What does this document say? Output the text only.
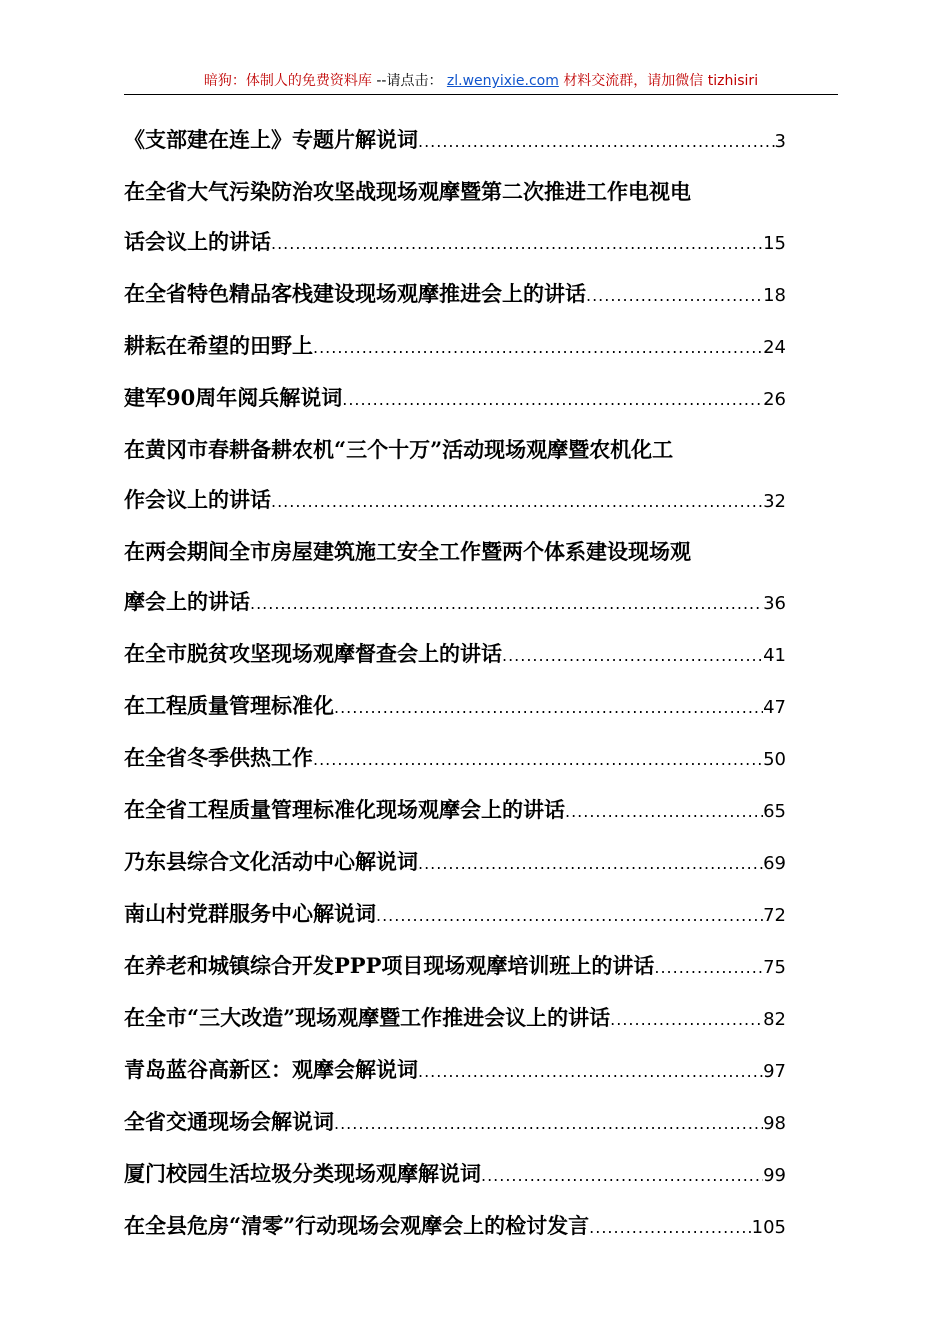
暗狗：体制人的免费资料库 --请点击： zl.wenyixie.com 材料交流群，请加微信 tizhisiri
《支部建在连上》专题片解说词 .....	3
在全省大气污染防治攻坚战现场观摩暨第二次推进工作电视电
话会议上的讲话 .....	15
在全省特色精品客栈建设现场观摩推进会上的讲话 .....	18
耕耘在希望的田野上 .....	24
建军90周年阅兵解说词 .....	26
在黄冈市春耕备耕农机“三个十万”活动现场观摩暨农机化工
作会议上的讲话 .....	32
在两会期间全市房屋建筑施工安全工作暨两个体系建设现场观
摩会上的讲话 .....	36
在全市脱贫攻坚现场观摩督查会上的讲话 .....	41
在工程质量管理标准化 .....	47
在全省冬季供热工作 .....	50
在全省工程质量管理标准化现场观摩会上的讲话 .....	65
乃东县综合文化活动中心解说词 .....	69
南山村党群服务中心解说词 .....	72
在养老和城镇综合开发PPP项目现场观摩培训班上的讲话 .....	75
在全市“三大改造”现场观摩暨工作推进会议上的讲话 .....	82
青岛蓝谷高新区：观摩会解说词 .....	97
全省交通现场会解说词 .....	98
厦门校园生活垃圾分类现场观摩解说词 .....	99
在全县危房“清零”行动现场会观摩会上的检讨发言 .....	105
